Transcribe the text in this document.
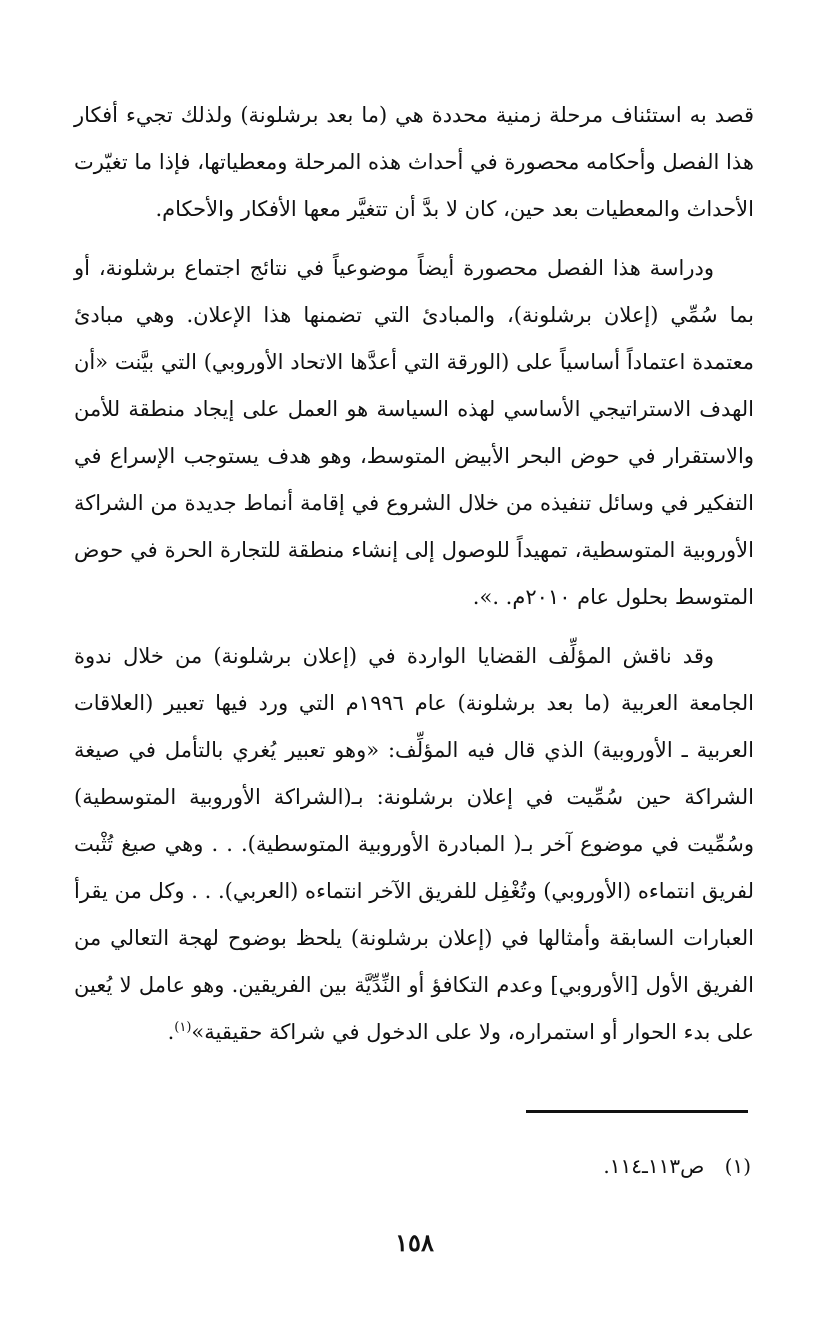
قصد به استئناف مرحلة زمنية محددة هي (ما بعد برشلونة) ولذلك تجيء أفكار هذا الفصل وأحكامه محصورة في أحداث هذه المرحلة ومعطياتها، فإذا ما تغيّرت الأحداث والمعطيات بعد حين، كان لا بدَّ أن تتغيَّر معها الأفكار والأحكام.

ودراسة هذا الفصل محصورة أيضاً موضوعياً في نتائج اجتماع برشلونة، أو بما سُمِّي (إعلان برشلونة)، والمبادئ التي تضمنها هذا الإعلان. وهي مبادئ معتمدة اعتماداً أساسياً على (الورقة التي أعدَّها الاتحاد الأوروبي) التي بيَّنت «أن الهدف الاستراتيجي الأساسي لهذه السياسة هو العمل على إيجاد منطقة للأمن والاستقرار في حوض البحر الأبيض المتوسط، وهو هدف يستوجب الإسراع في التفكير في وسائل تنفيذه من خلال الشروع في إقامة أنماط جديدة من الشراكة الأوروبية المتوسطية، تمهيداً للوصول إلى إنشاء منطقة للتجارة الحرة في حوض المتوسط بحلول عام ٢٠١٠م. .».

وقد ناقش المؤلِّف القضايا الواردة في (إعلان برشلونة) من خلال ندوة الجامعة العربية (ما بعد برشلونة) عام ١٩٩٦م التي ورد فيها تعبير (العلاقات العربية ـ الأوروبية) الذي قال فيه المؤلِّف: «وهو تعبير يُغري بالتأمل في صيغة الشراكة حين سُمِّيت في إعلان برشلونة: بـ(الشراكة الأوروبية المتوسطية) وسُمِّيت في موضوع آخر بـ( المبادرة الأوروبية المتوسطية). . . وهي صيغ تُثْبت لفريق انتماءه (الأوروبي) وتُغْفِل للفريق الآخر انتماءه (العربي). . . وكل من يقرأ العبارات السابقة وأمثالها في (إعلان برشلونة) يلحظ بوضوح لهجة التعالي من الفريق الأول [الأوروبي] وعدم التكافؤ أو النِّدِّيَّة بين الفريقين. وهو عامل لا يُعين على بدء الحوار أو استمراره، ولا على الدخول في شراكة حقيقية»$^{(١)}$.

(١) ص١١٣ـ١١٤.
١٥٨
